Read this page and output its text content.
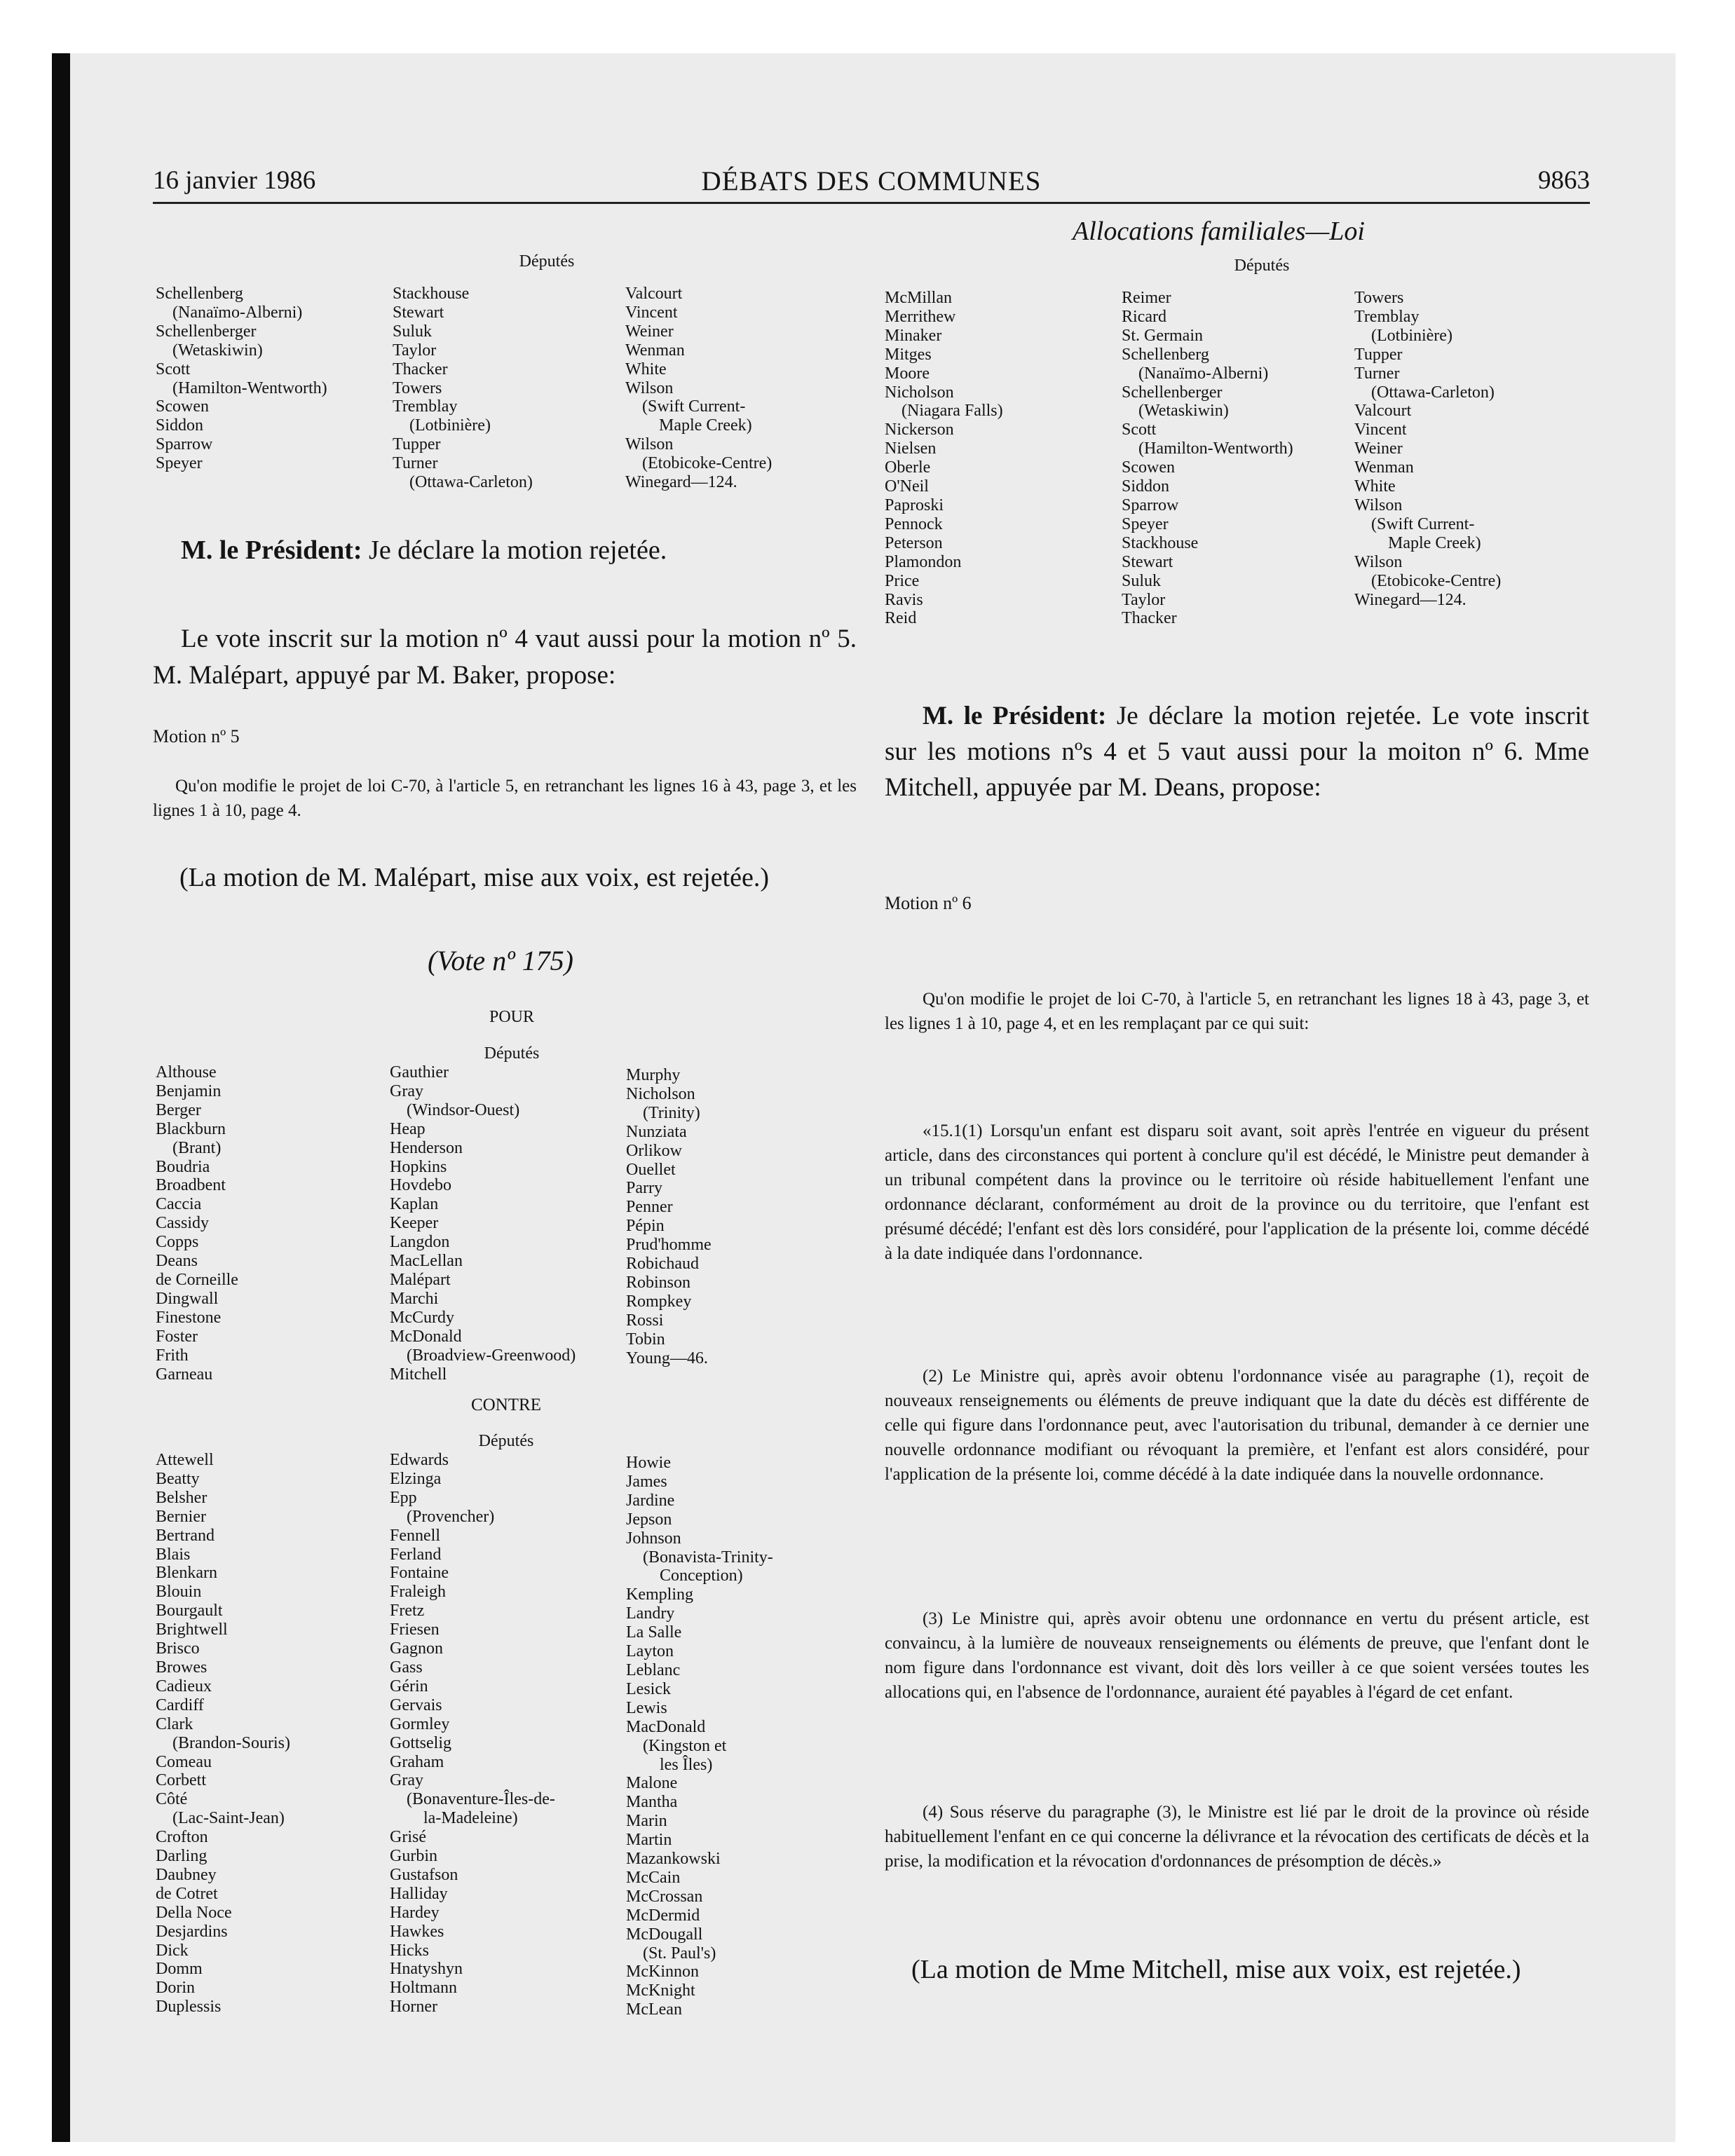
16 janvier 1986	DÉBATS DES COMMUNES	9863
Allocations familiales—Loi
Députés
Schellenberg
(Nanaïmo-Alberni)
Schellenberger
(Wetaskiwin)
Scott
(Hamilton-Wentworth)
Scowen
Siddon
Sparrow
Speyer
Stackhouse
Stewart
Suluk
Taylor
Thacker
Towers
Tremblay
(Lotbinière)
Tupper
Turner
(Ottawa-Carleton)
Valcourt
Vincent
Weiner
Wenman
White
Wilson
(Swift Current-
Maple Creek)
Wilson
(Etobicoke-Centre)
Winegard—124.
Députés
McMillan
Merrithew
Minaker
Mitges
Moore
Nicholson
(Niagara Falls)
Nickerson
Nielsen
Oberle
O'Neil
Paproski
Pennock
Peterson
Plamondon
Price
Ravis
Reid
Reimer
Ricard
St. Germain
Schellenberg
(Nanaïmo-Alberni)
Schellenberger
(Wetaskiwin)
Scott
(Hamilton-Wentworth)
Scowen
Siddon
Sparrow
Speyer
Stackhouse
Stewart
Suluk
Taylor
Thacker
Towers
Tremblay
(Lotbinière)
Tupper
Turner
(Ottawa-Carleton)
Valcourt
Vincent
Weiner
Wenman
White
Wilson
(Swift Current-
Maple Creek)
Wilson
(Etobicoke-Centre)
Winegard—124.
M. le Président: Je déclare la motion rejetée.
Le vote inscrit sur la motion nº 4 vaut aussi pour la motion nº 5. M. Malépart, appuyé par M. Baker, propose:
Motion nº 5
Qu'on modifie le projet de loi C-70, à l'article 5, en retranchant les lignes 16 à 43, page 3, et les lignes 1 à 10, page 4.
(La motion de M. Malépart, mise aux voix, est rejetée.)
(Vote nº 175)
POUR
Députés
Althouse
Benjamin
Berger
Blackburn
(Brant)
Boudria
Broadbent
Caccia
Cassidy
Copps
Deans
de Corneille
Dingwall
Finestone
Foster
Frith
Garneau
Gauthier
Gray
(Windsor-Ouest)
Heap
Henderson
Hopkins
Hovdebo
Kaplan
Keeper
Langdon
MacLellan
Malépart
Marchi
McCurdy
McDonald
(Broadview-Greenwood)
Mitchell
Murphy
Nicholson
(Trinity)
Nunziata
Orlikow
Ouellet
Parry
Penner
Pépin
Prud'homme
Robichaud
Robinson
Rompkey
Rossi
Tobin
Young—46.
CONTRE
Députés
Attewell
Beatty
Belsher
Bernier
Bertrand
Blais
Blenkarn
Blouin
Bourgault
Brightwell
Brisco
Browes
Cadieux
Cardiff
Clark
(Brandon-Souris)
Comeau
Corbett
Côté
(Lac-Saint-Jean)
Crofton
Darling
Daubney
de Cotret
Della Noce
Desjardins
Dick
Domm
Dorin
Duplessis
Edwards
Elzinga
Epp
(Provencher)
Fennell
Ferland
Fontaine
Fraleigh
Fretz
Friesen
Gagnon
Gass
Gérin
Gervais
Gormley
Gottselig
Graham
Gray
(Bonaventure-Îles-de-
la-Madeleine)
Grisé
Gurbin
Gustafson
Halliday
Hardey
Hawkes
Hicks
Hnatyshyn
Holtmann
Horner
Howie
James
Jardine
Jepson
Johnson
(Bonavista-Trinity-
Conception)
Kempling
Landry
La Salle
Layton
Leblanc
Lesick
Lewis
MacDonald
(Kingston et
les Îles)
Malone
Mantha
Marin
Martin
Mazankowski
McCain
McCrossan
McDermid
McDougall
(St. Paul's)
McKinnon
McKnight
McLean
M. le Président: Je déclare la motion rejetée. Le vote inscrit sur les motions nºs 4 et 5 vaut aussi pour la moiton nº 6. Mme Mitchell, appuyée par M. Deans, propose:
Motion nº 6
Qu'on modifie le projet de loi C-70, à l'article 5, en retranchant les lignes 18 à 43, page 3, et les lignes 1 à 10, page 4, et en les remplaçant par ce qui suit:
«15.1(1) Lorsqu'un enfant est disparu soit avant, soit après l'entrée en vigueur du présent article, dans des circonstances qui portent à conclure qu'il est décédé, le Ministre peut demander à un tribunal compétent dans la province ou le territoire où réside habituellement l'enfant une ordonnance déclarant, conformément au droit de la province ou du territoire, que l'enfant est présumé décédé; l'enfant est dès lors considéré, pour l'application de la présente loi, comme décédé à la date indiquée dans l'ordonnance.
(2) Le Ministre qui, après avoir obtenu l'ordonnance visée au paragraphe (1), reçoit de nouveaux renseignements ou éléments de preuve indiquant que la date du décès est différente de celle qui figure dans l'ordonnance peut, avec l'autorisation du tribunal, demander à ce dernier une nouvelle ordonnance modifiant ou révoquant la première, et l'enfant est alors considéré, pour l'application de la présente loi, comme décédé à la date indiquée dans la nouvelle ordonnance.
(3) Le Ministre qui, après avoir obtenu une ordonnance en vertu du présent article, est convaincu, à la lumière de nouveaux renseignements ou éléments de preuve, que l'enfant dont le nom figure dans l'ordonnance est vivant, doit dès lors veiller à ce que soient versées toutes les allocations qui, en l'absence de l'ordonnance, auraient été payables à l'égard de cet enfant.
(4) Sous réserve du paragraphe (3), le Ministre est lié par le droit de la province où réside habituellement l'enfant en ce qui concerne la délivrance et la révocation des certificats de décès et la prise, la modification et la révocation d'ordonnances de présomption de décès.»
(La motion de Mme Mitchell, mise aux voix, est rejetée.)
